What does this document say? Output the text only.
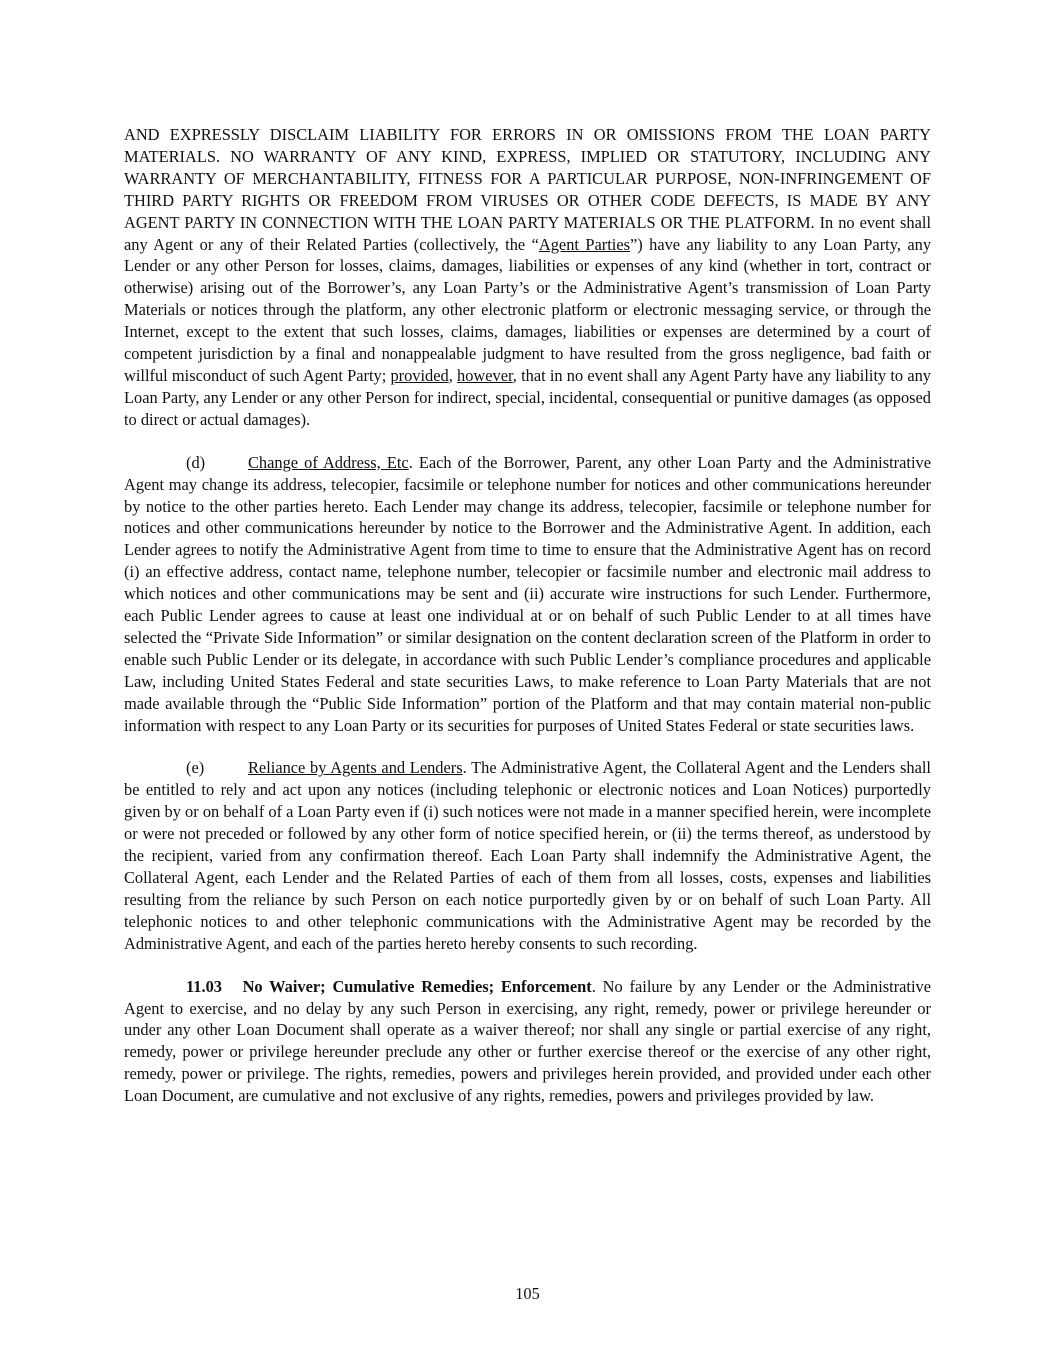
AND EXPRESSLY DISCLAIM LIABILITY FOR ERRORS IN OR OMISSIONS FROM THE LOAN PARTY MATERIALS. NO WARRANTY OF ANY KIND, EXPRESS, IMPLIED OR STATUTORY, INCLUDING ANY WARRANTY OF MERCHANTABILITY, FITNESS FOR A PARTICULAR PURPOSE, NON-INFRINGEMENT OF THIRD PARTY RIGHTS OR FREEDOM FROM VIRUSES OR OTHER CODE DEFECTS, IS MADE BY ANY AGENT PARTY IN CONNECTION WITH THE LOAN PARTY MATERIALS OR THE PLATFORM. In no event shall any Agent or any of their Related Parties (collectively, the “Agent Parties”) have any liability to any Loan Party, any Lender or any other Person for losses, claims, damages, liabilities or expenses of any kind (whether in tort, contract or otherwise) arising out of the Borrower’s, any Loan Party’s or the Administrative Agent’s transmission of Loan Party Materials or notices through the platform, any other electronic platform or electronic messaging service, or through the Internet, except to the extent that such losses, claims, damages, liabilities or expenses are determined by a court of competent jurisdiction by a final and nonappealable judgment to have resulted from the gross negligence, bad faith or willful misconduct of such Agent Party; provided, however, that in no event shall any Agent Party have any liability to any Loan Party, any Lender or any other Person for indirect, special, incidental, consequential or punitive damages (as opposed to direct or actual damages).

(d)	Change of Address, Etc. Each of the Borrower, Parent, any other Loan Party and the Administrative Agent may change its address, telecopier, facsimile or telephone number for notices and other communications hereunder by notice to the other parties hereto. Each Lender may change its address, telecopier, facsimile or telephone number for notices and other communications hereunder by notice to the Borrower and the Administrative Agent. In addition, each Lender agrees to notify the Administrative Agent from time to time to ensure that the Administrative Agent has on record (i) an effective address, contact name, telephone number, telecopier or facsimile number and electronic mail address to which notices and other communications may be sent and (ii) accurate wire instructions for such Lender. Furthermore, each Public Lender agrees to cause at least one individual at or on behalf of such Public Lender to at all times have selected the “Private Side Information” or similar designation on the content declaration screen of the Platform in order to enable such Public Lender or its delegate, in accordance with such Public Lender’s compliance procedures and applicable Law, including United States Federal and state securities Laws, to make reference to Loan Party Materials that are not made available through the “Public Side Information” portion of the Platform and that may contain material non-public information with respect to any Loan Party or its securities for purposes of United States Federal or state securities laws.

(e)	Reliance by Agents and Lenders. The Administrative Agent, the Collateral Agent and the Lenders shall be entitled to rely and act upon any notices (including telephonic or electronic notices and Loan Notices) purportedly given by or on behalf of a Loan Party even if (i) such notices were not made in a manner specified herein, were incomplete or were not preceded or followed by any other form of notice specified herein, or (ii) the terms thereof, as understood by the recipient, varied from any confirmation thereof. Each Loan Party shall indemnify the Administrative Agent, the Collateral Agent, each Lender and the Related Parties of each of them from all losses, costs, expenses and liabilities resulting from the reliance by such Person on each notice purportedly given by or on behalf of such Loan Party. All telephonic notices to and other telephonic communications with the Administrative Agent may be recorded by the Administrative Agent, and each of the parties hereto hereby consents to such recording.

11.03 No Waiver; Cumulative Remedies; Enforcement. No failure by any Lender or the Administrative Agent to exercise, and no delay by any such Person in exercising, any right, remedy, power or privilege hereunder or under any other Loan Document shall operate as a waiver thereof; nor shall any single or partial exercise of any right, remedy, power or privilege hereunder preclude any other or further exercise thereof or the exercise of any other right, remedy, power or privilege. The rights, remedies, powers and privileges herein provided, and provided under each other Loan Document, are cumulative and not exclusive of any rights, remedies, powers and privileges provided by law.

105
